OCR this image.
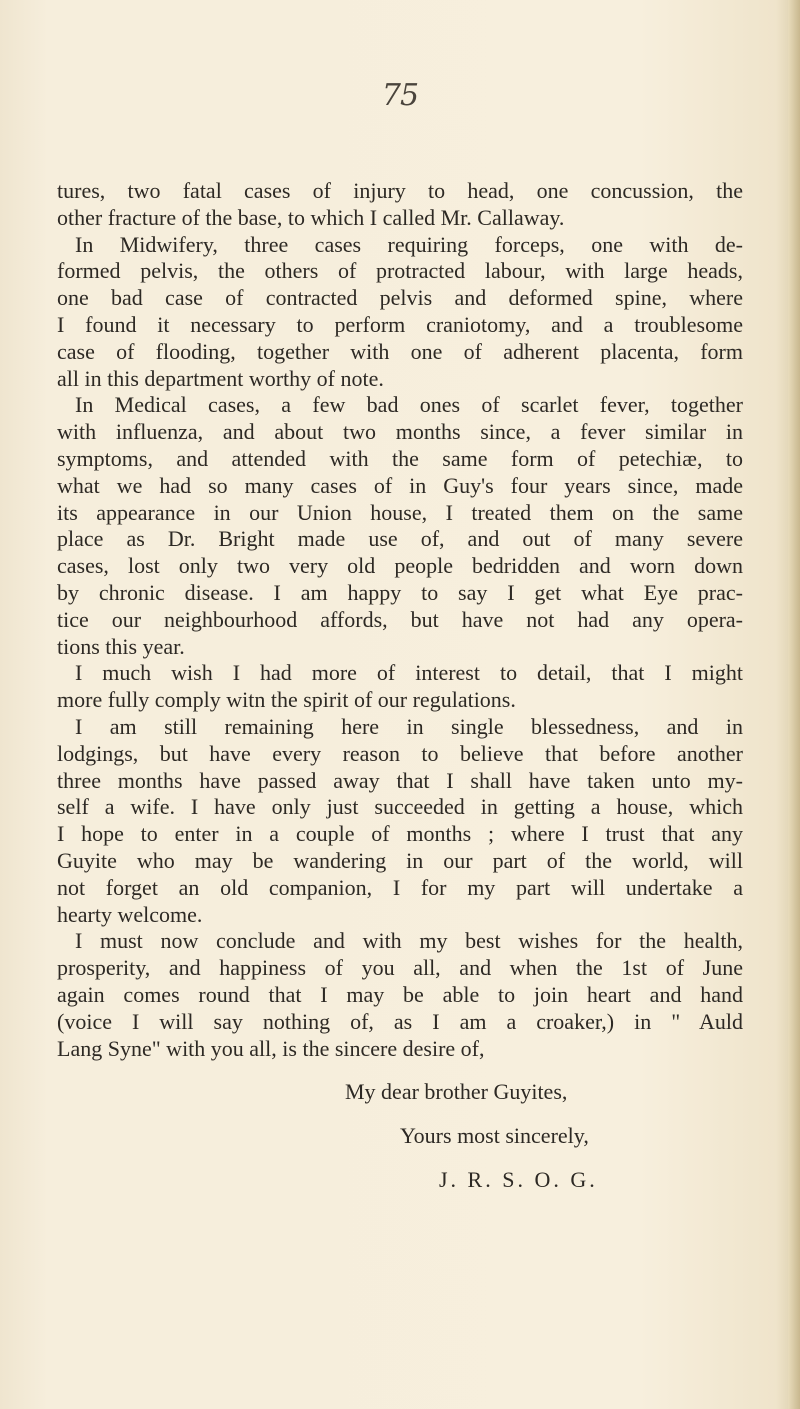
75
tures, two fatal cases of injury to head, one concussion, the
other fracture of the base, to which I called Mr. Callaway.
In Midwifery, three cases requiring forceps, one with de-
formed pelvis, the others of protracted labour, with large heads,
one bad case of contracted pelvis and deformed spine, where
I found it necessary to perform craniotomy, and a troublesome
case of flooding, together with one of adherent placenta, form
all in this department worthy of note.
In Medical cases, a few bad ones of scarlet fever, together
with influenza, and about two months since, a fever similar in
symptoms, and attended with the same form of petechiæ, to
what we had so many cases of in Guy's four years since, made
its appearance in our Union house, I treated them on the same
place as Dr. Bright made use of, and out of many severe
cases, lost only two very old people bedridden and worn down
by chronic disease. I am happy to say I get what Eye prac-
tice our neighbourhood affords, but have not had any opera-
tions this year.
I much wish I had more of interest to detail, that I might
more fully comply witn the spirit of our regulations.
I am still remaining here in single blessedness, and in
lodgings, but have every reason to believe that before another
three months have passed away that I shall have taken unto my-
self a wife. I have only just succeeded in getting a house, which
I hope to enter in a couple of months ; where I trust that any
Guyite who may be wandering in our part of the world, will
not forget an old companion, I for my part will undertake a
hearty welcome.
I must now conclude and with my best wishes for the health,
prosperity, and happiness of you all, and when the 1st of June
again comes round that I may be able to join heart and hand
(voice I will say nothing of, as I am a croaker,) in " Auld
Lang Syne" with you all, is the sincere desire of,
My dear brother Guyites,
Yours most sincerely,
J. R. S. O. G.
